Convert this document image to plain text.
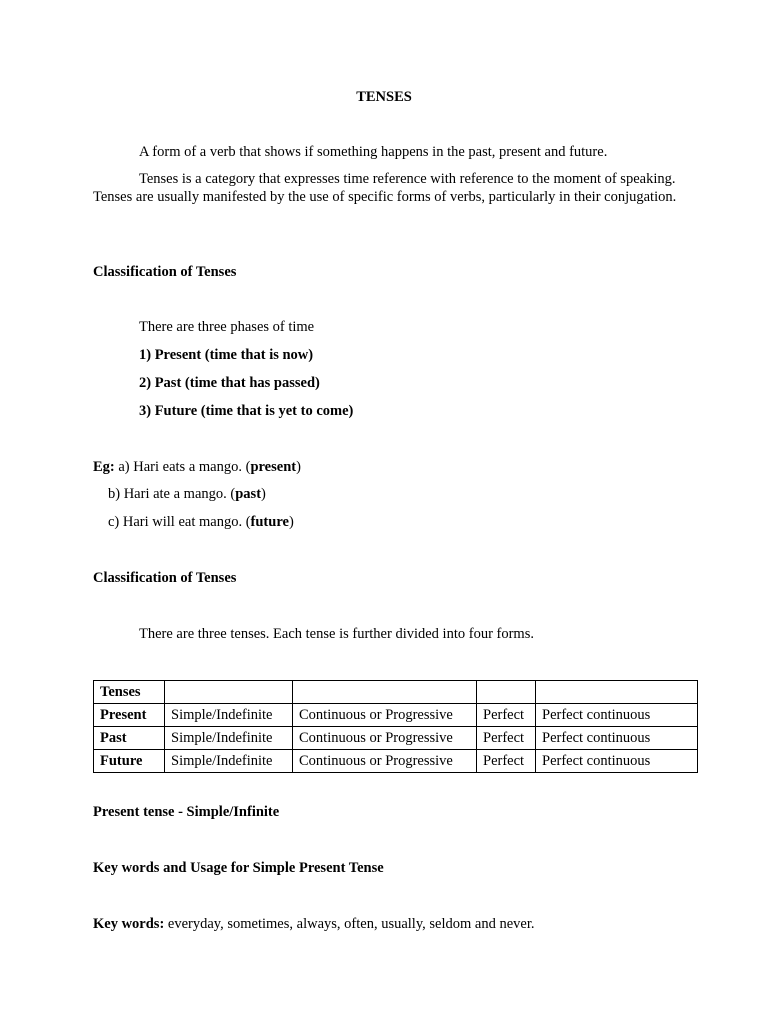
TENSES
A form of a verb that shows if something happens in the past, present and future.
Tenses is a category that expresses time reference with reference to the moment of speaking. Tenses are usually manifested by the use of specific forms of verbs, particularly in their conjugation.
Classification of Tenses
There are three phases of time
1) Present (time that is now)
2) Past (time that has passed)
3) Future (time that is yet to come)
Eg: a) Hari eats a mango. (present)
b) Hari ate a mango. (past)
c) Hari will eat mango. (future)
Classification of Tenses
There are three tenses. Each tense is further divided into four forms.
Tenses				
Present	Simple/Indefinite	Continuous or Progressive	Perfect	Perfect continuous
Past	Simple/Indefinite	Continuous or Progressive	Perfect	Perfect continuous
Future	Simple/Indefinite	Continuous or Progressive	Perfect	Perfect continuous
Present tense - Simple/Infinite
Key words and Usage for Simple Present Tense
Key words: everyday, sometimes, always, often, usually, seldom and never.
